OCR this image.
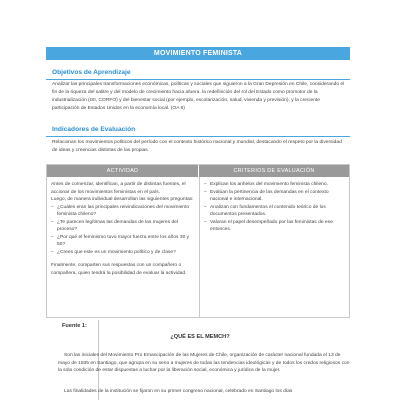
MOVIMIENTO FEMINISTA
Objetivos de Aprendizaje

Analizar las principales transformaciones económicas, políticas y sociales que siguieron a la Gran Depresión en Chile, considerando el fin de la riqueza del salitre y del modelo de crecimiento hacia afuera, la redefinición del rol del Estado como promotor de la industrialización (ISI, CORFO) y del bienestar social (por ejemplo, escolarización, salud, vivienda y previsión), y la creciente participación de Estados Unidos en la economía local. (OA 6)

Indicadores de Evaluación

Relacionan los movimientos políticos del período con el contexto histórico nacional y mundial, destacando el respeto por la diversidad de ideas y creencias distintas de las propias.

ACTIVIDAD	CRITERIOS DE EVALUACIÓN

Antes de comenzar, identifican, a partir de distintas fuentes, el accionar de los movimientos feministas en el país.

Luego, de manera individual desarrollan las siguientes preguntas:

– ¿Cuáles eran las principales reivindicaciones del movimiento feminista chileno?
– ¿Te parecen legítimas las demandas de las mujeres del proceso?
– ¿Por qué el feminismo tuvo mayor fuerza entre los años 30 y 50?
– ¿Crees que este es un movimiento político y de clase?

Finalmente, comparten sus respuestas con un compañero o compañera, quien tendrá la posibilidad de evaluar la actividad.

– Explican los anhelos del movimiento feminista chileno.
– Evalúan la pertinencia de las demandas en el contexto nacional e internacional.
– Analizan con fundamentos el contenido teórico de los documentos presentados.
– Valoran el papel desempeñado por las feministas de ese entonces.
Fuente 1:
¿QUÉ ES EL MEMCH?

Son las iniciales del Movimiento Pro Emancipación de las Mujeres de Chile, organización de carácter nacional fundada el 13 de mayo de 1935 en Santiago, que agrupa en su seno a mujeres de todas las tendencias ideológicas y de todos los credos religiosos con la sola condición de estar dispuestas a luchar por la liberación social, económica y jurídica de la mujer.

Las finalidades de la institución se fijaron en su primer congreso nacional, celebrado en Santiago los días
